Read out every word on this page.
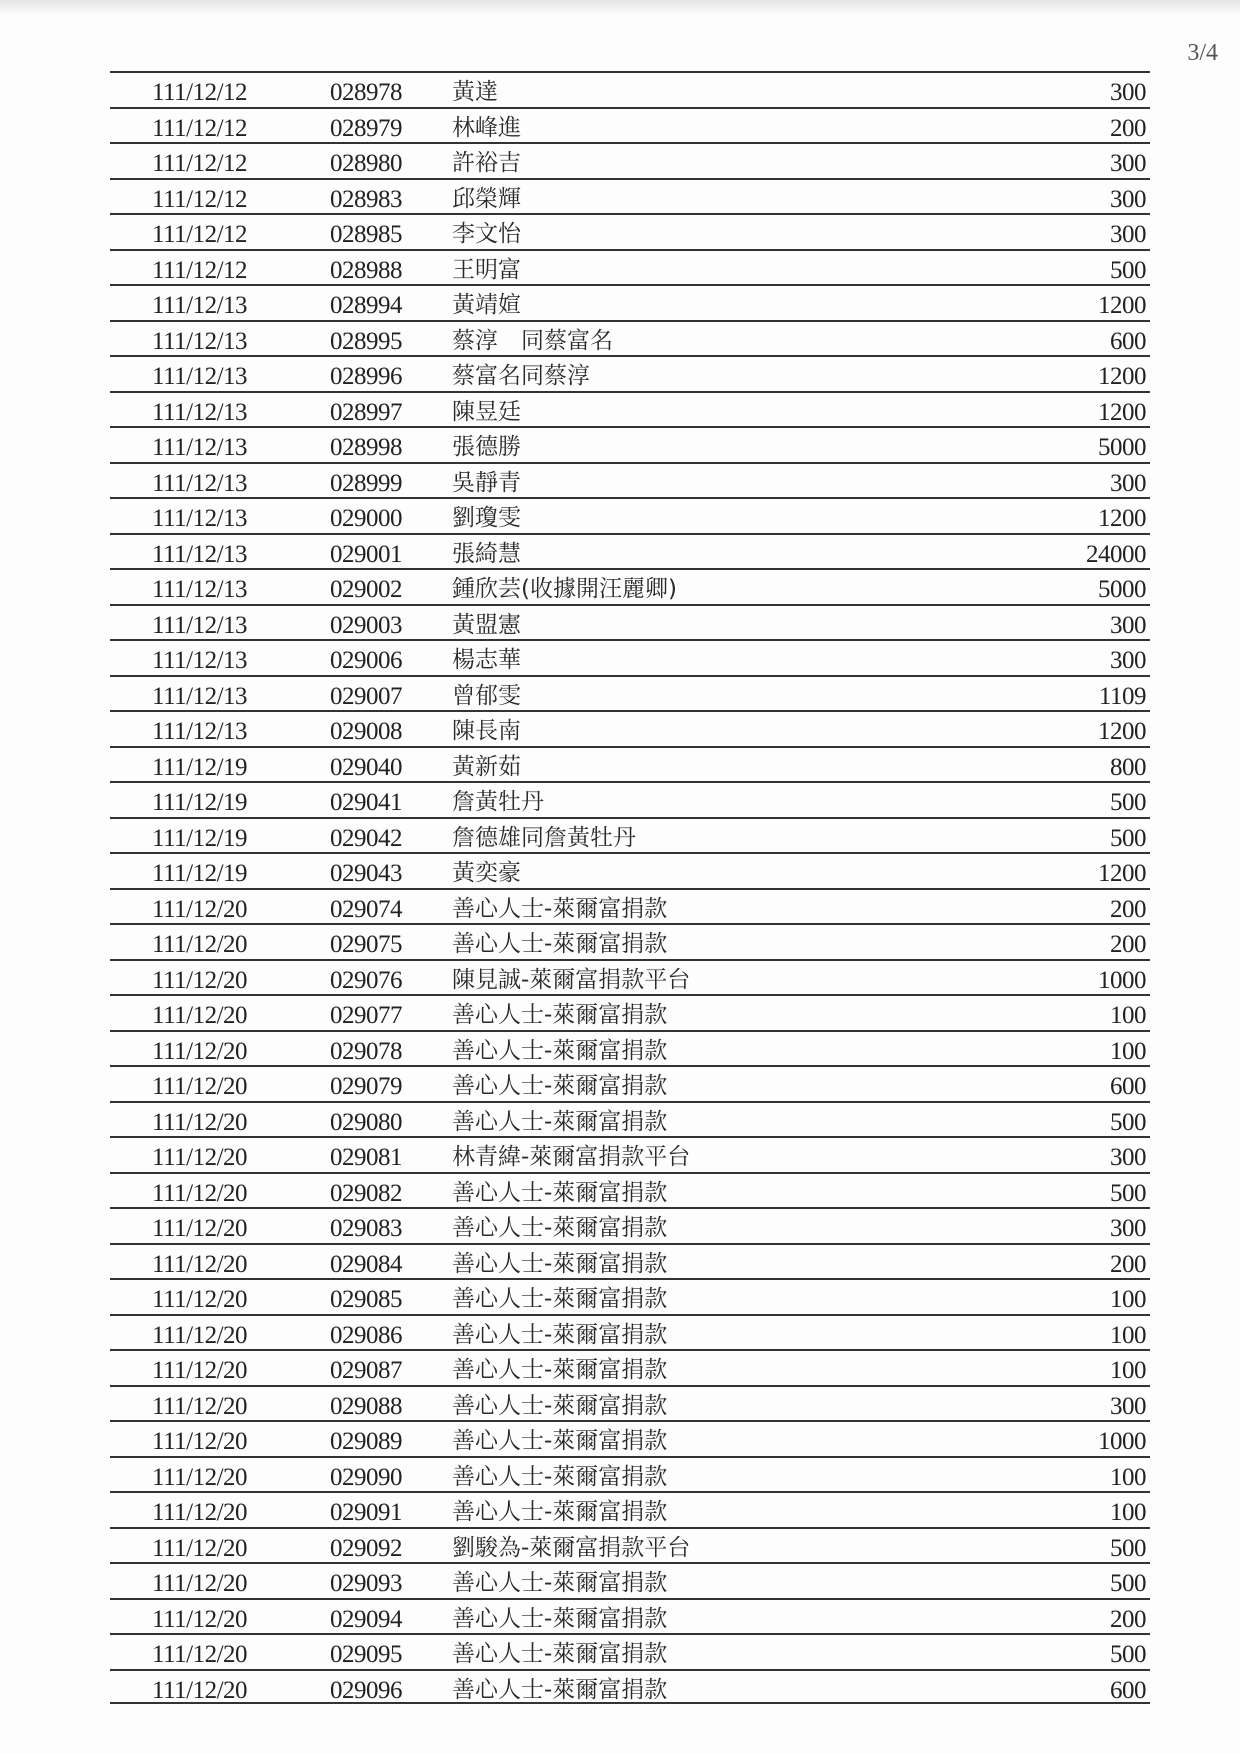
3/4
111/12/12	028978 黃達	300
111/12/12	028979 林峰進	200
111/12/12	028980 許裕吉	300
111/12/12	028983 邱榮輝	300
111/12/12	028985 李文怡	300
111/12/12	028988 王明富	500
111/12/13	028994 黃靖媗	1200
111/12/13	028995 蔡淳　同蔡富名	600
111/12/13	028996 蔡富名同蔡淳	1200
111/12/13	028997 陳昱廷	1200
111/12/13	028998 張德勝	5000
111/12/13	028999 吳靜青	300
111/12/13	029000 劉瓊雯	1200
111/12/13	029001 張綺慧	24000
111/12/13	029002 鍾欣芸(收據開汪麗卿)	5000
111/12/13	029003 黃盟憲	300
111/12/13	029006 楊志華	300
111/12/13	029007 曾郁雯	1109
111/12/13	029008 陳長南	1200
111/12/19	029040 黃新茹	800
111/12/19	029041 詹黃牡丹	500
111/12/19	029042 詹德雄同詹黃牡丹	500
111/12/19	029043 黃奕豪	1200
111/12/20	029074 善心人士-萊爾富捐款	200
111/12/20	029075 善心人士-萊爾富捐款	200
111/12/20	029076 陳見誠-萊爾富捐款平台	1000
111/12/20	029077 善心人士-萊爾富捐款	100
111/12/20	029078 善心人士-萊爾富捐款	100
111/12/20	029079 善心人士-萊爾富捐款	600
111/12/20	029080 善心人士-萊爾富捐款	500
111/12/20	029081 林青緯-萊爾富捐款平台	300
111/12/20	029082 善心人士-萊爾富捐款	500
111/12/20	029083 善心人士-萊爾富捐款	300
111/12/20	029084 善心人士-萊爾富捐款	200
111/12/20	029085 善心人士-萊爾富捐款	100
111/12/20	029086 善心人士-萊爾富捐款	100
111/12/20	029087 善心人士-萊爾富捐款	100
111/12/20	029088 善心人士-萊爾富捐款	300
111/12/20	029089 善心人士-萊爾富捐款	1000
111/12/20	029090 善心人士-萊爾富捐款	100
111/12/20	029091 善心人士-萊爾富捐款	100
111/12/20	029092 劉駿為-萊爾富捐款平台	500
111/12/20	029093 善心人士-萊爾富捐款	500
111/12/20	029094 善心人士-萊爾富捐款	200
111/12/20	029095 善心人士-萊爾富捐款	500
111/12/20	029096 善心人士-萊爾富捐款	600
